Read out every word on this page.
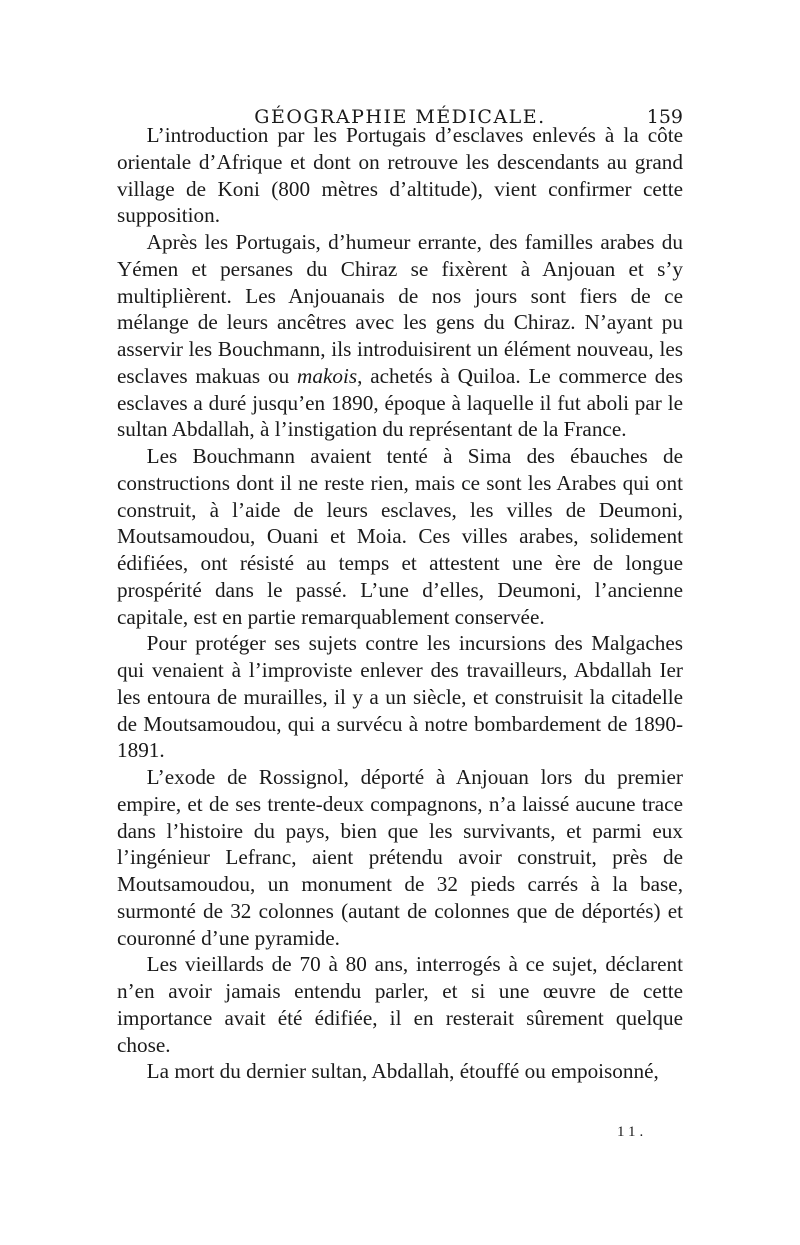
GÉOGRAPHIE MÉDICALE.	159

L’introduction par les Portugais d’esclaves enlevés à la côte orientale d’Afrique et dont on retrouve les descendants au grand village de Koni (800 mètres d’altitude), vient confirmer cette supposition.

Après les Portugais, d’humeur errante, des familles arabes du Yémen et persanes du Chiraz se fixèrent à Anjouan et s’y multiplièrent. Les Anjouanais de nos jours sont fiers de ce mélange de leurs ancêtres avec les gens du Chiraz. N’ayant pu asservir les Bouchmann, ils introduisirent un élément nouveau, les esclaves makuas ou makois, achetés à Quiloa. Le commerce des esclaves a duré jusqu’en 1890, époque à laquelle il fut aboli par le sultan Abdallah, à l’instigation du représentant de la France.

Les Bouchmann avaient tenté à Sima des ébauches de constructions dont il ne reste rien, mais ce sont les Arabes qui ont construit, à l’aide de leurs esclaves, les villes de Deumoni, Moutsamoudou, Ouani et Moia. Ces villes arabes, solidement édifiées, ont résisté au temps et attestent une ère de longue prospérité dans le passé. L’une d’elles, Deumoni, l’ancienne capitale, est en partie remarquablement conservée.

Pour protéger ses sujets contre les incursions des Malgaches qui venaient à l’improviste enlever des travailleurs, Abdallah Ier les entoura de murailles, il y a un siècle, et construisit la citadelle de Moutsamoudou, qui a survécu à notre bombardement de 1890-1891.

L’exode de Rossignol, déporté à Anjouan lors du premier empire, et de ses trente-deux compagnons, n’a laissé aucune trace dans l’histoire du pays, bien que les survivants, et parmi eux l’ingénieur Lefranc, aient prétendu avoir construit, près de Moutsamoudou, un monument de 32 pieds carrés à la base, surmonté de 32 colonnes (autant de colonnes que de déportés) et couronné d’une pyramide.

Les vieillards de 70 à 80 ans, interrogés à ce sujet, déclarent n’en avoir jamais entendu parler, et si une œuvre de cette importance avait été édifiée, il en resterait sûrement quelque chose.

La mort du dernier sultan, Abdallah, étouffé ou empoisonné,

11.
